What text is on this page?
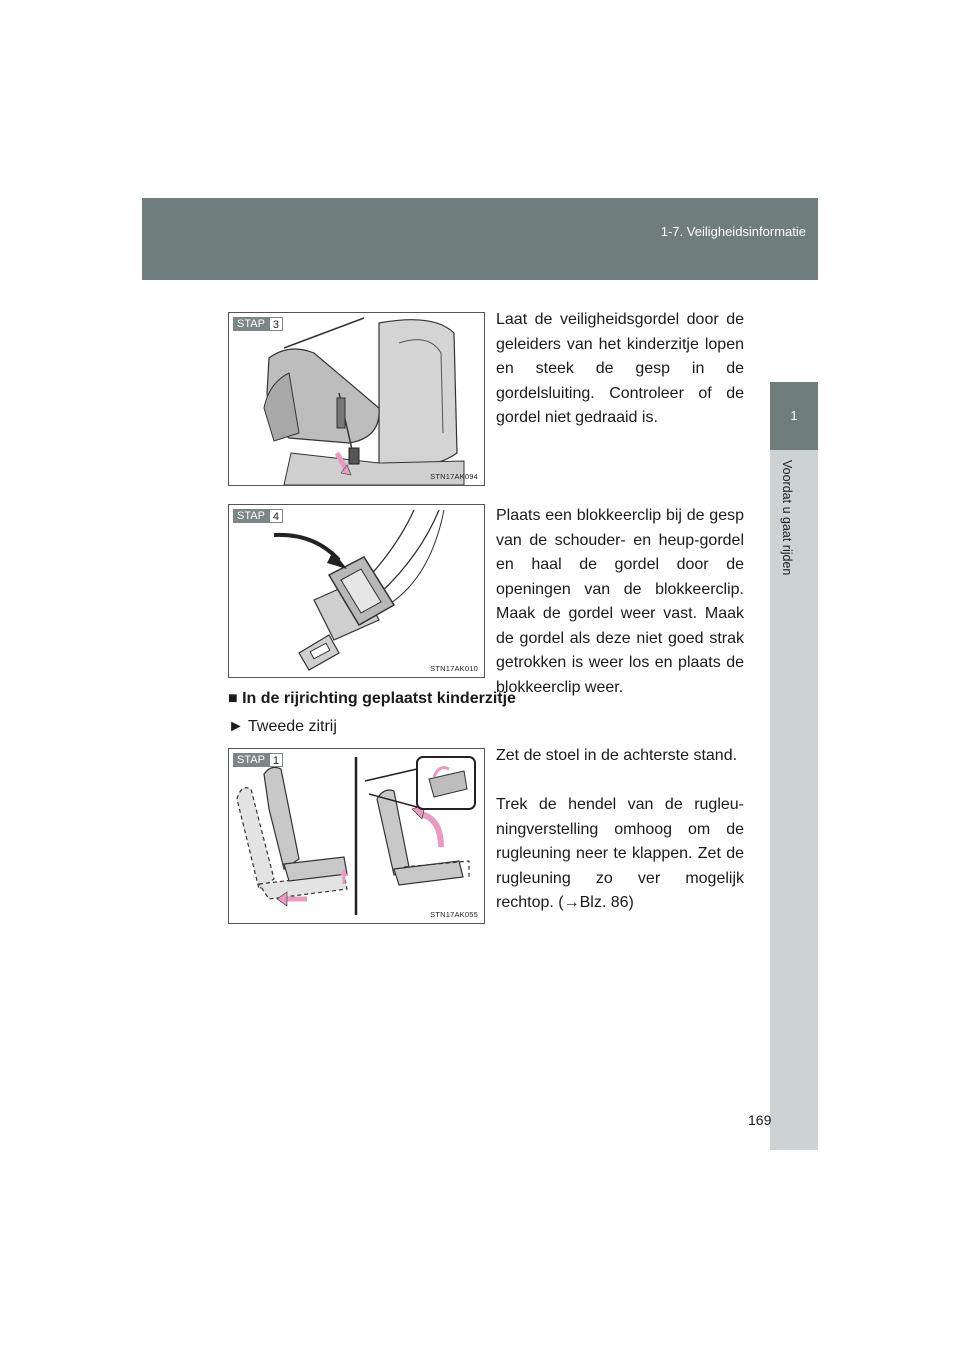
1-7. Veiligheidsinformatie
1
Voordat u gaat rijden
STAP 3
STN17AK094

Laat de veiligheidsgordel door de geleiders van het kinderzitje lopen en steek de gesp in de gordelsluiting. Controleer of de gordel niet gedraaid is.

STAP 4
STN17AK010

Plaats een blokkeerclip bij de gesp van de schouder- en heup-gordel en haal de gordel door de openingen van de blokkeerclip. Maak de gordel weer vast. Maak de gordel als deze niet goed strak getrokken is weer los en plaats de blokkeerclip weer.

■ In de rijrichting geplaatst kinderzitje
► Tweede zitrij
STAP 1
STN17AK055

Zet de stoel in de achterste stand.

Trek de hendel van de rugleu-ningverstelling omhoog om de rugleuning neer te klappen. Zet de rugleuning zo ver mogelijk rechtop. (→Blz. 86)

169
